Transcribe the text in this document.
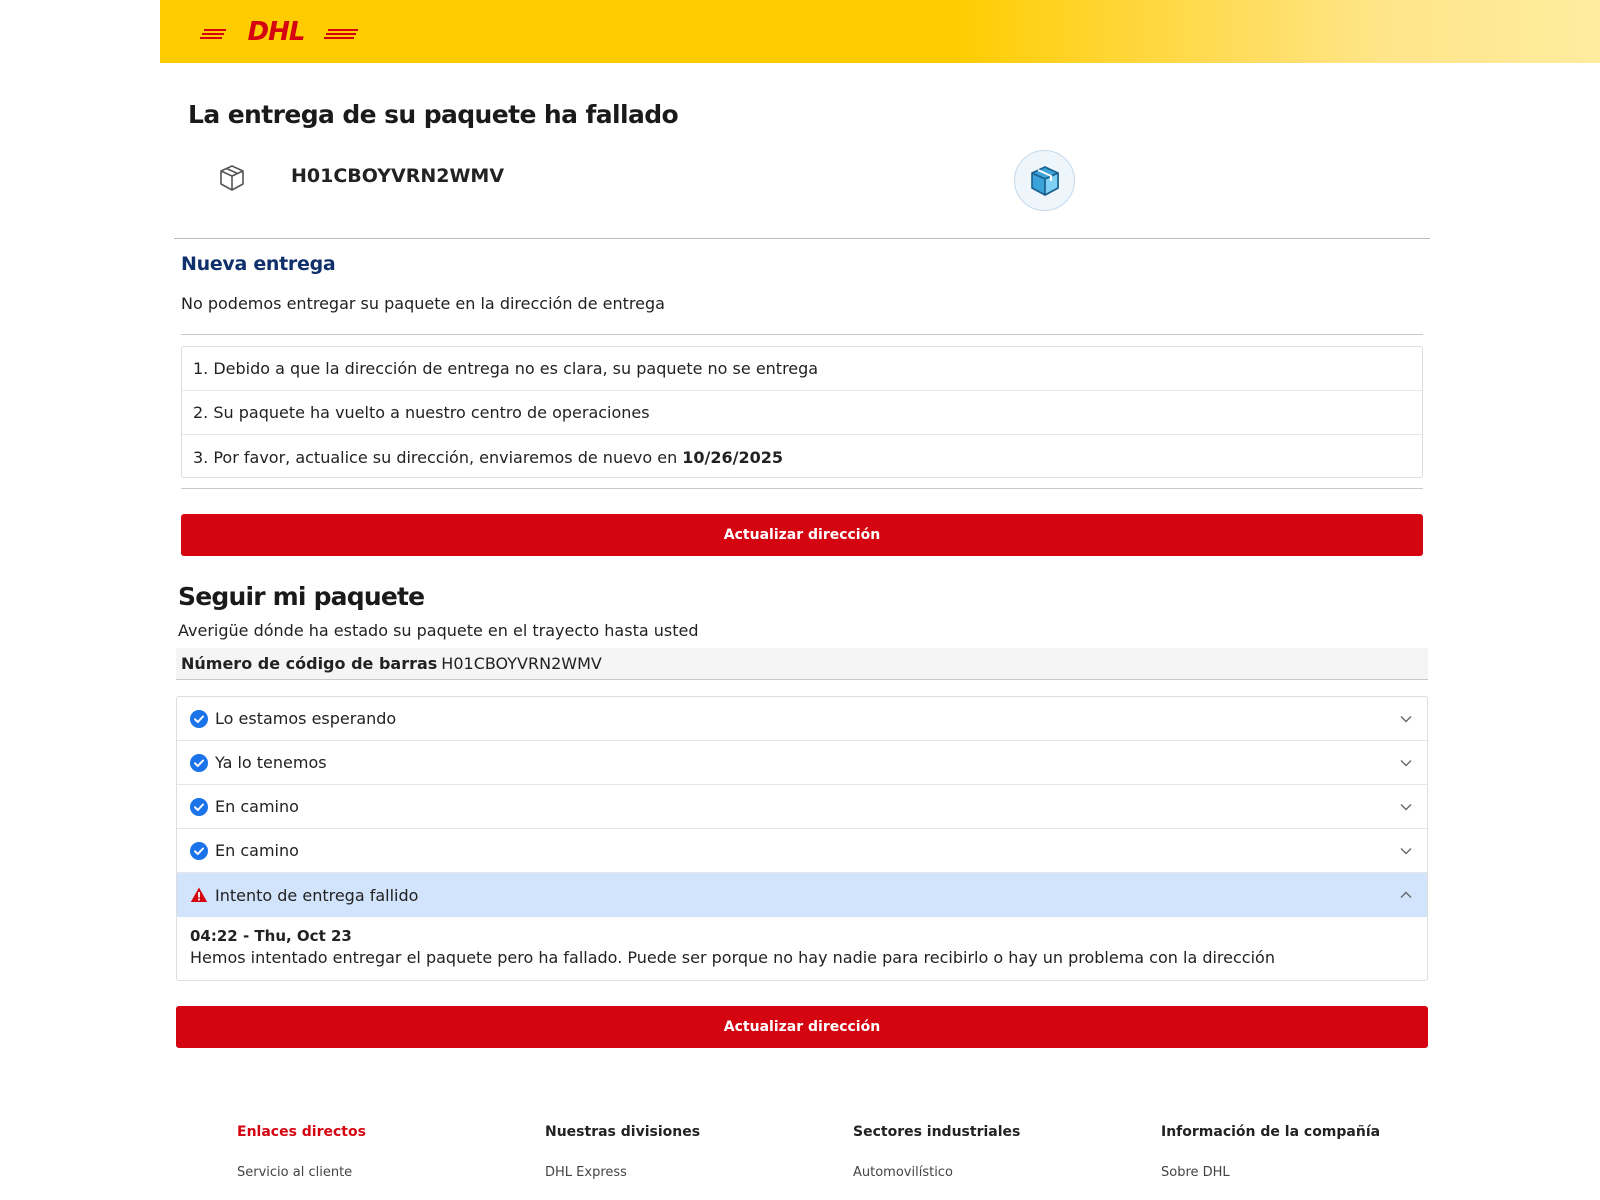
DHL
La entrega de su paquete ha fallado
H01CBOYVRN2WMV
Nueva entrega
No podemos entregar su paquete en la dirección de entrega
1. Debido a que la dirección de entrega no es clara, su paquete no se entrega
2. Su paquete ha vuelto a nuestro centro de operaciones
3. Por favor, actualice su dirección, enviaremos de nuevo en 10/26/2025
Actualizar dirección
Seguir mi paquete
Averigüe dónde ha estado su paquete en el trayecto hasta usted
Número de código de barras H01CBOYVRN2WMV
Lo estamos esperando
Ya lo tenemos
En camino
En camino
Intento de entrega fallido
04:22 - Thu, Oct 23
Hemos intentado entregar el paquete pero ha fallado. Puede ser porque no hay nadie para recibirlo o hay un problema con la dirección
Actualizar dirección
Enlaces directos
Servicio al cliente
Nuestras divisiones
DHL Express
Sectores industriales
Automovilístico
Información de la compañía
Sobre DHL
